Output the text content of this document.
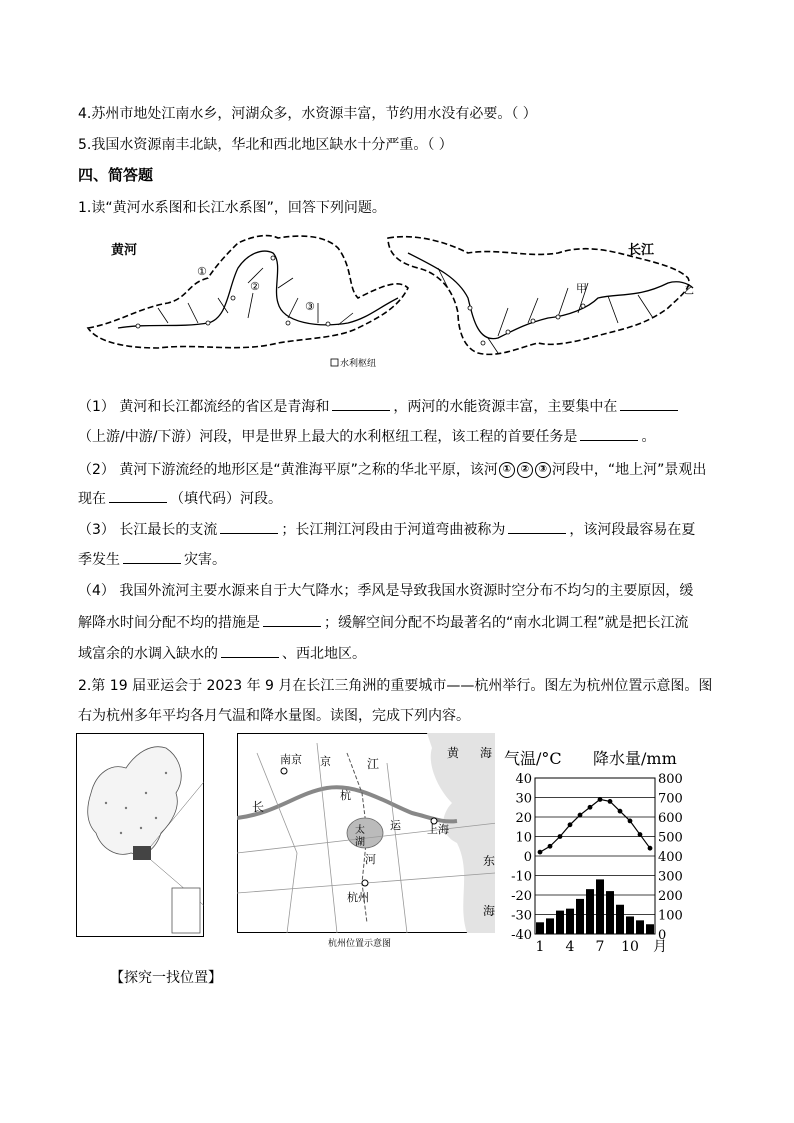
4.苏州市地处江南水乡，河湖众多，水资源丰富，节约用水没有必要。（ ）
5.我国水资源南丰北缺，华北和西北地区缺水十分严重。（ ）
四、简答题
1.读“黄河水系图和长江水系图”，回答下列问题。
黄河
①
②
③
水利枢纽
长江
甲	乙
（1） 黄河和长江都流经的省区是青海和	，两河的水能资源丰富，主要集中在
（上游/中游/下游）河段，甲是世界上最大的水利枢纽工程，该工程的首要任务是	。
（2） 黄河下游流经的地形区是“黄淮海平原”之称的华北平原，该河 ① ② ③ 河段中，“地上河”景观出
现在	（填代码）河段。
（3） 长江最长的支流	；长江荆江河段由于河道弯曲被称为	，该河段最容易在夏
季发生	灾害。
（4） 我国外流河主要水源来自于大气降水；季风是导致我国水资源时空分布不均匀的主要原因，缓
解降水时间分配不均的措施是	；缓解空间分配不均最著名的“南水北调工程”就是把长江流
域富余的水调入缺水的	、西北地区。
2.第 19 届亚运会于 2023 年 9 月在长江三角洲的重要城市——杭州举行。图左为杭州位置示意图。图
右为杭州多年平均各月气温和降水量图。读图，完成下列内容。
黄 海
南京 京	江
长
杭
太
湖
运 上海
河
杭州
东
海
杭州位置示意图
气温/°C 降水量/mm
40	800
30	700
20	600
10	500
0	400
-10	300
-20	200
-30	100
-40	0
1 4 7 10 月
【探究一找位置】
